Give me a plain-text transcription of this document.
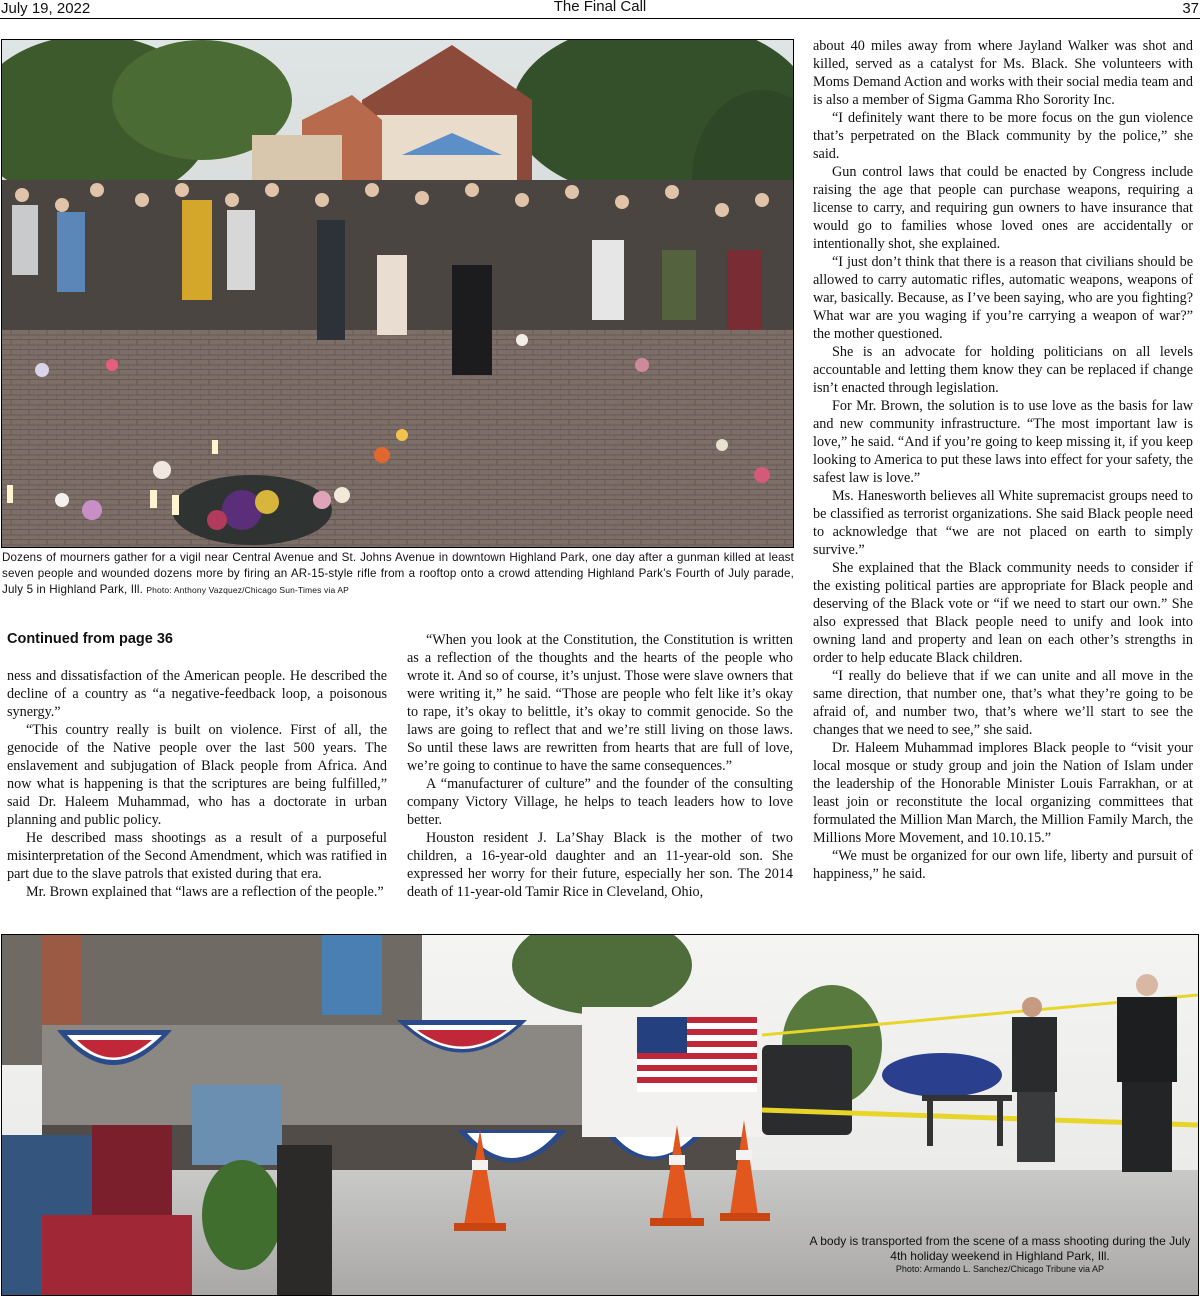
July 19, 2022	The Final Call	37
Dozens of mourners gather for a vigil near Central Avenue and St. Johns Avenue in downtown Highland Park, one day after a gunman killed at least seven people and wounded dozens more by firing an AR-15-style rifle from a rooftop onto a crowd attending Highland Park’s Fourth of July parade, July 5 in Highland Park, Ill. Photo: Anthony Vazquez/Chicago Sun-Times via AP
Continued from page 36

ness and dissatisfaction of the American people. He described the decline of a country as “a negative-feedback loop, a poisonous synergy.”

“This country really is built on violence. First of all, the genocide of the Native people over the last 500 years. The enslavement and subjugation of Black people from Africa. And now what is happening is that the scriptures are being fulfilled,” said Dr. Haleem Muhammad, who has a doctorate in urban planning and public policy.

He described mass shootings as a result of a purposeful misinterpretation of the Second Amendment, which was ratified in part due to the slave patrols that existed during that era.

Mr. Brown explained that “laws are a reflection of the people.”

“When you look at the Constitution, the Constitution is written as a reflection of the thoughts and the hearts of the people who wrote it. And so of course, it’s unjust. Those were slave owners that were writing it,” he said. “Those are people who felt like it’s okay to rape, it’s okay to belittle, it’s okay to commit genocide. So the laws are going to reflect that and we’re still living on those laws. So until these laws are rewritten from hearts that are full of love, we’re going to continue to have the same consequences.”

A “manufacturer of culture” and the founder of the consulting company Victory Village, he helps to teach leaders how to love better.

Houston resident J. La’Shay Black is the mother of two children, a 16-year-old daughter and an 11-year-old son. She expressed her worry for their future, especially her son. The 2014 death of 11-year-old Tamir Rice in Cleveland, Ohio,

about 40 miles away from where Jayland Walker was shot and killed, served as a catalyst for Ms. Black. She volunteers with Moms Demand Action and works with their social media team and is also a member of Sigma Gamma Rho Sorority Inc.

“I definitely want there to be more focus on the gun violence that’s perpetrated on the Black community by the police,” she said.

Gun control laws that could be enacted by Congress include raising the age that people can purchase weapons, requiring a license to carry, and requiring gun owners to have insurance that would go to families whose loved ones are accidentally or intentionally shot, she explained.

“I just don’t think that there is a reason that civilians should be allowed to carry automatic rifles, automatic weapons, weapons of war, basically. Because, as I’ve been saying, who are you fighting? What war are you waging if you’re carrying a weapon of war?” the mother questioned.

She is an advocate for holding politicians on all levels accountable and letting them know they can be replaced if change isn’t enacted through legislation.

For Mr. Brown, the solution is to use love as the basis for law and new community infrastructure. “The most important law is love,” he said. “And if you’re going to keep missing it, if you keep looking to America to put these laws into effect for your safety, the safest law is love.”

Ms. Hanesworth believes all White supremacist groups need to be classified as terrorist organizations. She said Black people need to acknowledge that “we are not placed on earth to simply survive.”

She explained that the Black community needs to consider if the existing political parties are appropriate for Black people and deserving of the Black vote or “if we need to start our own.” She also expressed that Black people need to unify and look into owning land and property and lean on each other’s strengths in order to help educate Black children.

“I really do believe that if we can unite and all move in the same direction, that number one, that’s what they’re going to be afraid of, and number two, that’s where we’ll start to see the changes that we need to see,” she said.

Dr. Haleem Muhammad implores Black people to “visit your local mosque or study group and join the Nation of Islam under the leadership of the Honorable Minister Louis Farrakhan, or at least join or reconstitute the local organizing committees that formulated the Million Man March, the Million Family March, the Millions More Movement, and 10.10.15.”

“We must be organized for our own life, liberty and pursuit of happiness,” he said.

A body is transported from the scene of a mass shooting during the July 4th holiday weekend in Highland Park, Ill.
Photo: Armando L. Sanchez/Chicago Tribune via AP
